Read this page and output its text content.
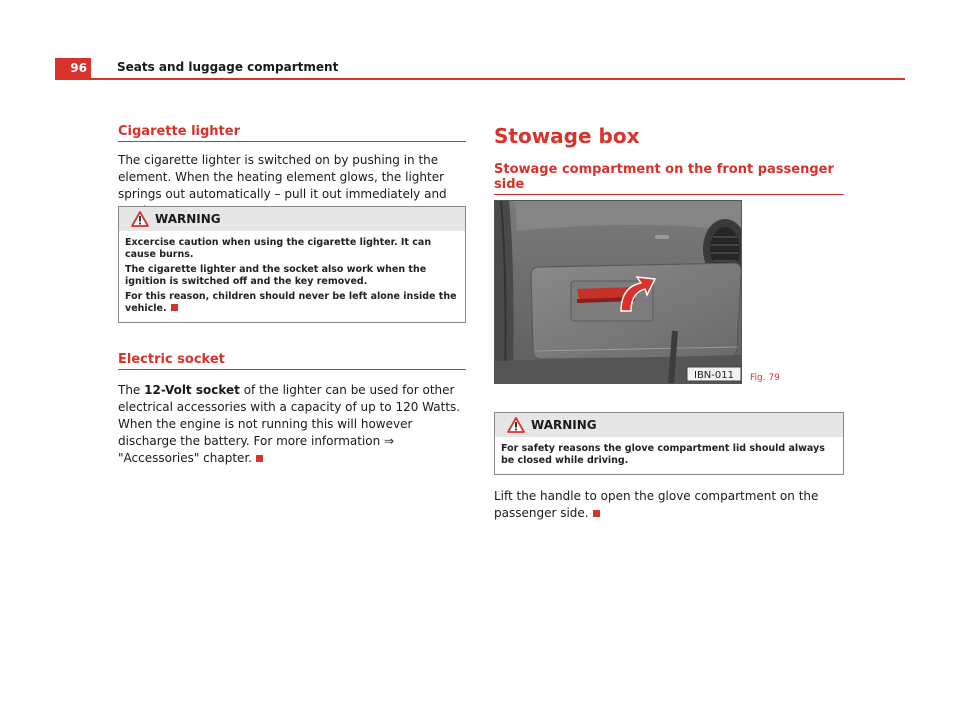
96	Seats and luggage compartment
Cigarette lighter

The cigarette lighter is switched on by pushing in the element. When the heating element glows, the lighter springs out automatically – pull it out immediately and

WARNING

Excercise caution when using the cigarette lighter. It can cause burns.

The cigarette lighter and the socket also work when the ignition is switched off and the key removed.

For this reason, children should never be left alone inside the vehicle.

Electric socket

The 12-Volt socket of the lighter can be used for other electrical accessories with a capacity of up to 120 Watts. When the engine is not running this will however discharge the battery. For more information ⇒ "Accessories" chapter.

Stowage box
Stowage compartment on the front passenger side
IBN-011 Fig. 79
WARNING

For safety reasons the glove compartment lid should always be closed while driving.

Lift the handle to open the glove compartment on the passenger side.
